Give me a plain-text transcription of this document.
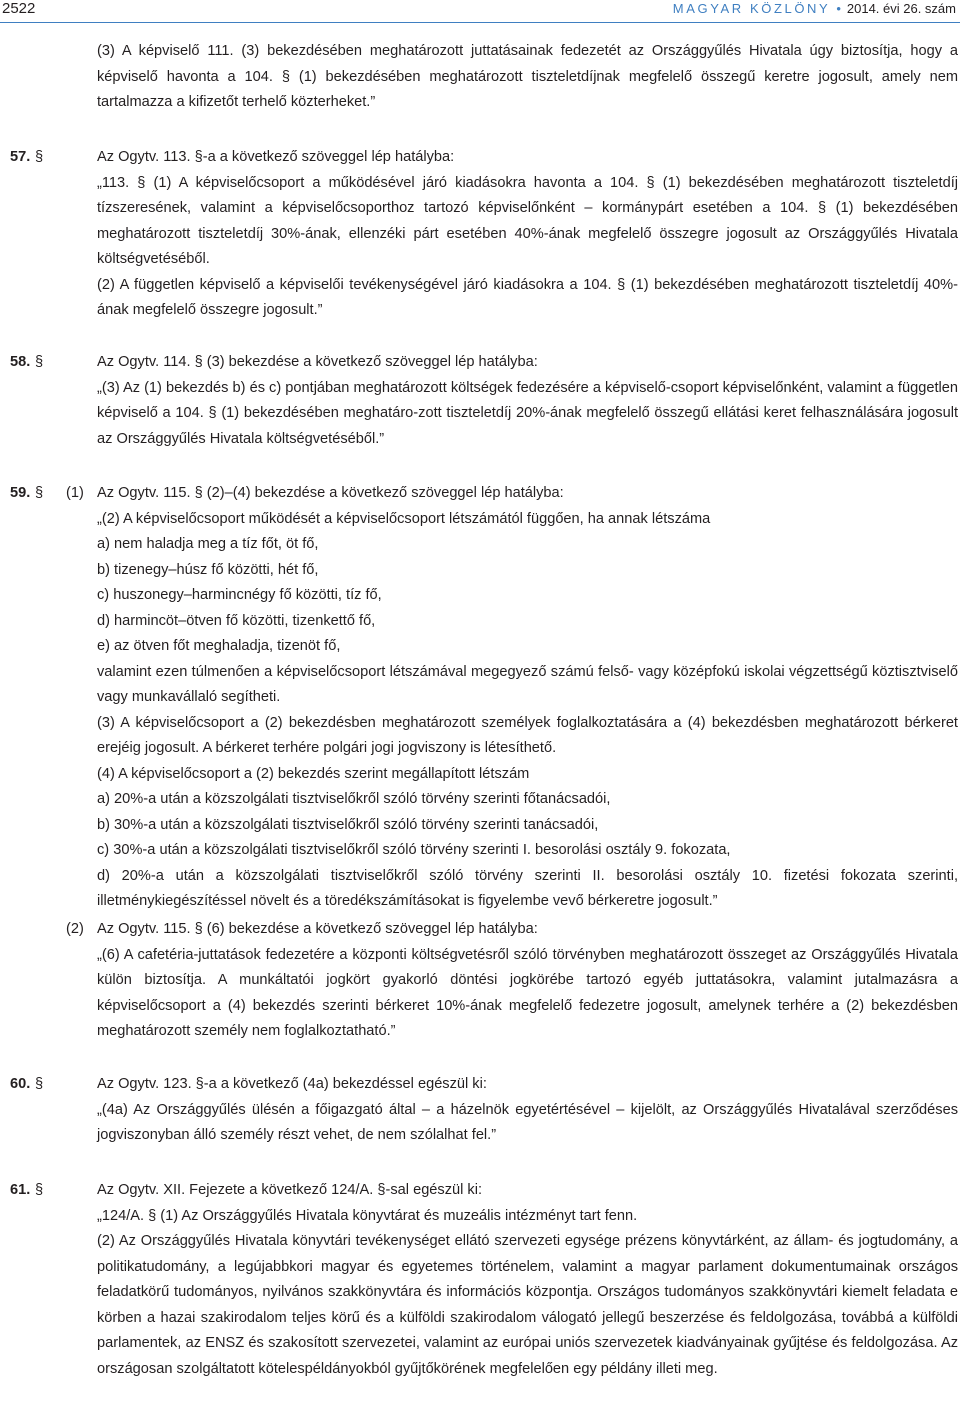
2522	MAGYAR KÖZLÖNY • 2014. évi 26. szám

(3) A képviselő 111. (3) bekezdésében meghatározott juttatásainak fedezetét az Országgyűlés Hivatala úgy biztosítja, hogy a képviselő havonta a 104. § (1) bekezdésében meghatározott tiszteletdíjnak megfelelő összegű keretre jogosult, amely nem tartalmazza a kifizetőt terhelő közterheket.”

57. §	Az Ogytv. 113. §-a a következő szöveggel lép hatályba:

„113. § (1) A képviselőcsoport a működésével járó kiadásokra havonta a 104. § (1) bekezdésében meghatározott tiszteletdíj tízszeresének, valamint a képviselőcsoporthoz tartozó képviselőnként – kormánypárt esetében a 104. § (1) bekezdésében meghatározott tiszteletdíj 30%-ának, ellenzéki párt esetében 40%-ának megfelelő összegre jogosult az Országgyűlés Hivatala költségvetéséből.

(2) A független képviselő a képviselői tevékenységével járó kiadásokra a 104. § (1) bekezdésében meghatározott tiszteletdíj 40%-ának megfelelő összegre jogosult.”

58. §	Az Ogytv. 114. § (3) bekezdése a következő szöveggel lép hatályba:

„(3) Az (1) bekezdés b) és c) pontjában meghatározott költségek fedezésére a képviselő-csoport képviselőnként, valamint a független képviselő a 104. § (1) bekezdésében meghatáro-zott tiszteletdíj 20%-ának megfelelő összegű ellátási keret felhasználására jogosult az Országgyűlés Hivatala költségvetéséből.”

59. § (1) Az Ogytv. 115. § (2)–(4) bekezdése a következő szöveggel lép hatályba:

„(2) A képviselőcsoport működését a képviselőcsoport létszámától függően, ha annak létszáma

a) nem haladja meg a tíz főt, öt fő,

b) tizenegy–húsz fő közötti, hét fő,

c) huszonegy–harmincnégy fő közötti, tíz fő,

d) harmincöt–ötven fő közötti, tizenkettő fő,

e) az ötven főt meghaladja, tizenöt fő,

valamint ezen túlmenően a képviselőcsoport létszámával megegyező számú felső- vagy középfokú iskolai végzettségű köztisztviselő vagy munkavállaló segítheti.

(3) A képviselőcsoport a (2) bekezdésben meghatározott személyek foglalkoztatására a (4) bekezdésben meghatározott bérkeret erejéig jogosult. A bérkeret terhére polgári jogi jogviszony is létesíthető.

(4) A képviselőcsoport a (2) bekezdés szerint megállapított létszám

a) 20%-a után a közszolgálati tisztviselőkről szóló törvény szerinti főtanácsadói,

b) 30%-a után a közszolgálati tisztviselőkről szóló törvény szerinti tanácsadói,

c) 30%-a után a közszolgálati tisztviselőkről szóló törvény szerinti I. besorolási osztály 9. fokozata,

d) 20%-a után a közszolgálati tisztviselőkről szóló törvény szerinti II. besorolási osztály 10. fizetési fokozata szerinti, illetménykiegészítéssel növelt és a töredékszámításokat is figyelembe vevő bérkeretre jogosult.”

(2) Az Ogytv. 115. § (6) bekezdése a következő szöveggel lép hatályba:

„(6) A cafetéria-juttatások fedezetére a központi költségvetésről szóló törvényben meghatározott összeget az Országgyűlés Hivatala külön biztosítja. A munkáltatói jogkört gyakorló döntési jogkörébe tartozó egyéb juttatásokra, valamint jutalmazásra a képviselőcsoport a (4) bekezdés szerinti bérkeret 10%-ának megfelelő fedezetre jogosult, amelynek terhére a (2) bekezdésben meghatározott személy nem foglalkoztatható.”

60. §	Az Ogytv. 123. §-a a következő (4a) bekezdéssel egészül ki:

„(4a) Az Országgyűlés ülésén a főigazgató által – a házelnök egyetértésével – kijelölt, az Országgyűlés Hivatalával szerződéses jogviszonyban álló személy részt vehet, de nem szólalhat fel.”

61. §	Az Ogytv. XII. Fejezete a következő 124/A. §-sal egészül ki:

„124/A. § (1) Az Országgyűlés Hivatala könyvtárat és muzeális intézményt tart fenn.

(2) Az Országgyűlés Hivatala könyvtári tevékenységet ellátó szervezeti egysége prézens könyvtárként, az állam- és jogtudomány, a politikatudomány, a legújabbkori magyar és egyetemes történelem, valamint a magyar parlament dokumentumainak országos feladatkörű tudományos, nyilvános szakkönyvtára és információs központja. Országos tudományos szakkönyvtári kiemelt feladata e körben a hazai szakirodalom teljes körű és a külföldi szakirodalom válogató jellegű beszerzése és feldolgozása, továbbá a külföldi parlamentek, az ENSZ és szakosított szervezetei, valamint az európai uniós szervezetek kiadványainak gyűjtése és feldolgozása. Az országosan szolgáltatott kötelespéldányokból gyűjtőkörének megfelelően egy példány illeti meg.
